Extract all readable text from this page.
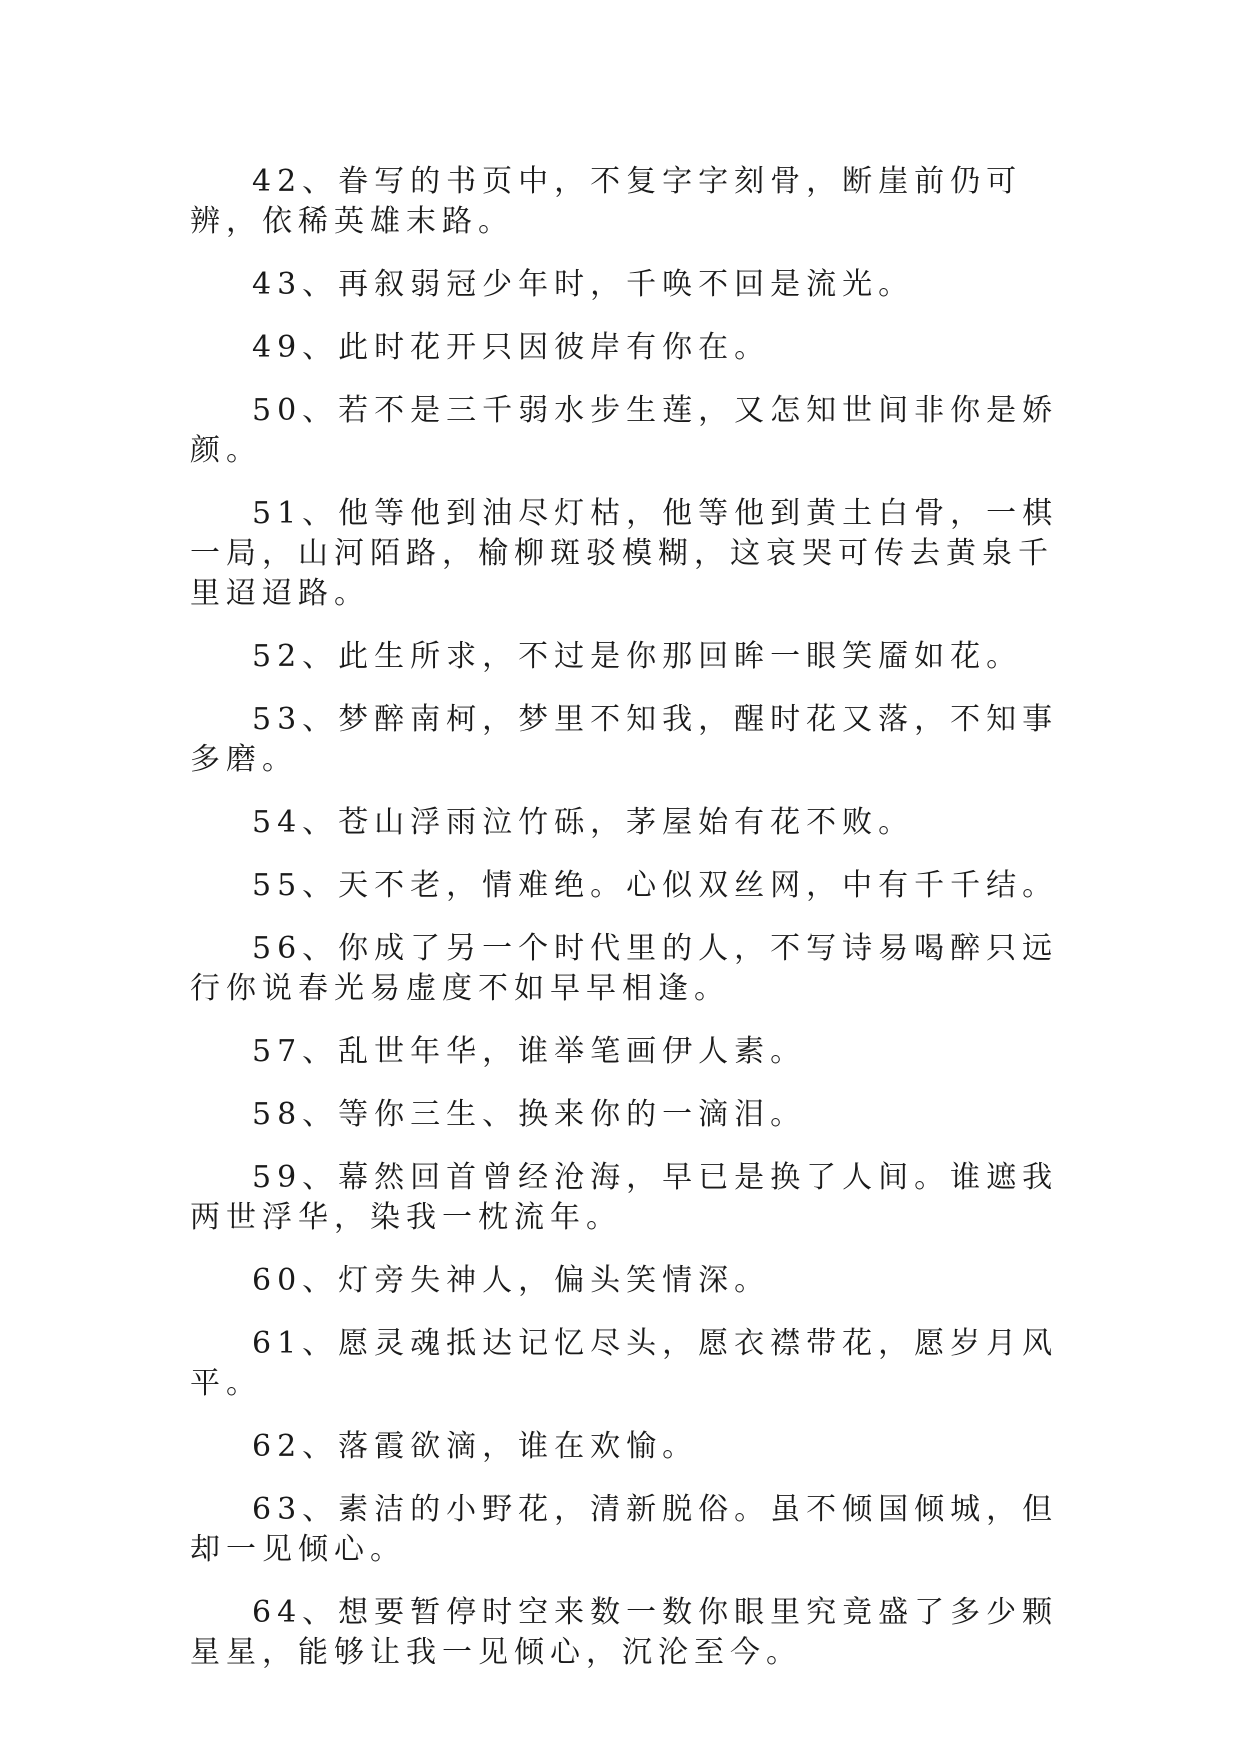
42、眷写的书页中，不复字字刻骨，断崖前仍可辨，依稀英雄末路。

43、再叙弱冠少年时，千唤不回是流光。

49、此时花开只因彼岸有你在。

50、若不是三千弱水步生莲，又怎知世间非你是娇颜。

51、他等他到油尽灯枯，他等他到黄土白骨，一棋一局，山河陌路，榆柳斑驳模糊，这哀哭可传去黄泉千里迢迢路。

52、此生所求，不过是你那回眸一眼笑靥如花。

53、梦醉南柯，梦里不知我，醒时花又落，不知事多磨。

54、苍山浮雨泣竹砾，茅屋始有花不败。

55、天不老，情难绝。心似双丝网，中有千千结。

56、你成了另一个时代里的人，不写诗易喝醉只远行你说春光易虚度不如早早相逢。

57、乱世年华，谁举笔画伊人素。

58、等你三生、换来你的一滴泪。

59、幕然回首曾经沧海，早已是换了人间。谁遮我两世浮华，染我一枕流年。

60、灯旁失神人，偏头笑情深。

61、愿灵魂抵达记忆尽头，愿衣襟带花，愿岁月风平。

62、落霞欲滴，谁在欢愉。

63、素洁的小野花，清新脱俗。虽不倾国倾城，但却一见倾心。

64、想要暂停时空来数一数你眼里究竟盛了多少颗星星，能够让我一见倾心，沉沦至今。
